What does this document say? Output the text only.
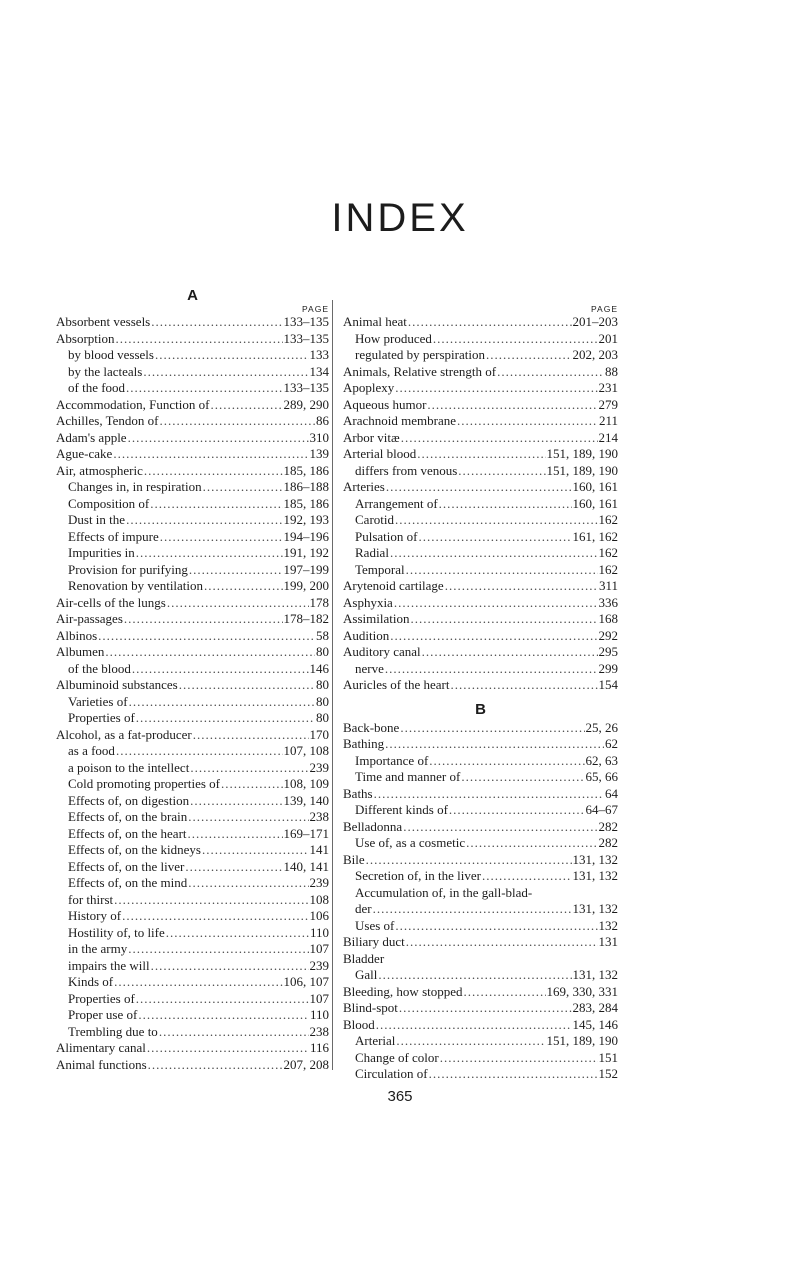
INDEX
A
PAGE
Absorbent vessels .....	133–135
Absorption .....	133–135
by blood vessels .....	133
by the lacteals .....	134
of the food .....	133–135
Accommodation, Function of .....	289, 290
Achilles, Tendon of .....	86
Adam's apple .....	310
Ague-cake .....	139
Air, atmospheric .....	185, 186
Changes in, in respiration .....	186–188
Composition of .....	185, 186
Dust in the .....	192, 193
Effects of impure .....	194–196
Impurities in .....	191, 192
Provision for purifying .....	197–199
Renovation by ventilation .....	199, 200
Air-cells of the lungs .....	178
Air-passages .....	178–182
Albinos .....	58
Albumen .....	80
of the blood .....	146
Albuminoid substances .....	80
Varieties of .....	80
Properties of .....	80
Alcohol, as a fat-producer .....	170
as a food .....	107, 108
a poison to the intellect .....	239
Cold promoting properties of .....	108, 109
Effects of, on digestion .....	139, 140
Effects of, on the brain .....	238
Effects of, on the heart .....	169–171
Effects of, on the kidneys .....	141
Effects of, on the liver .....	140, 141
Effects of, on the mind .....	239
for thirst .....	108
History of .....	106
Hostility of, to life .....	110
in the army .....	107
impairs the will .....	239
Kinds of .....	106, 107
Properties of .....	107
Proper use of .....	110
Trembling due to .....	238
Alimentary canal .....	116
Animal functions .....	207, 208
PAGE
Animal heat .....	201–203
How produced .....	201
regulated by perspiration .....	202, 203
Animals, Relative strength of .....	88
Apoplexy .....	231
Aqueous humor .....	279
Arachnoid membrane .....	211
Arbor vitæ .....	214
Arterial blood .....	151, 189, 190
differs from venous .....	151, 189, 190
Arteries .....	160, 161
Arrangement of .....	160, 161
Carotid .....	162
Pulsation of .....	161, 162
Radial .....	162
Temporal .....	162
Arytenoid cartilage .....	311
Asphyxia .....	336
Assimilation .....	168
Audition .....	292
Auditory canal .....	295
nerve .....	299
Auricles of the heart .....	154
B
Back-bone .....	25, 26
Bathing .....	62
Importance of .....	62, 63
Time and manner of .....	65, 66
Baths .....	64
Different kinds of .....	64–67
Belladonna .....	282
Use of, as a cosmetic .....	282
Bile .....	131, 132
Secretion of, in the liver .....	131, 132
Accumulation of, in the gall-blad-
der .....	131, 132
Uses of .....	132
Biliary duct .....	131
Bladder
Gall .....	131, 132
Bleeding, how stopped .....	169, 330, 331
Blind-spot .....	283, 284
Blood .....	145, 146
Arterial .....	151, 189, 190
Change of color .....	151
Circulation of .....	152
365
